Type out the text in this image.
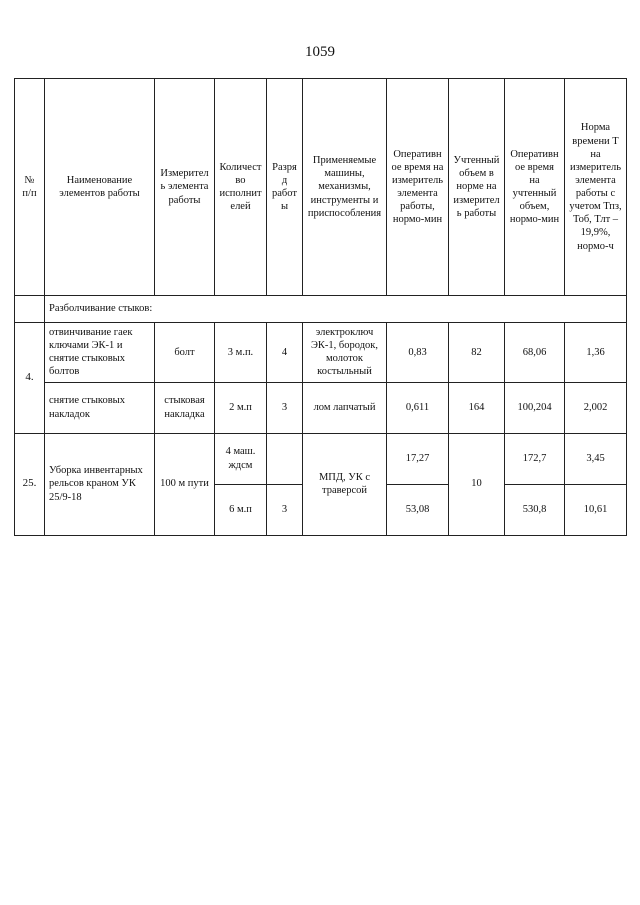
1059
№ п/п	Наименование элементов работы	Измеритель элемента работы	Количество исполнителей	Разряд работы	Применяемые машины, механизмы, инструменты и приспособления	Оперативное время на измеритель элемента работы, нормо-мин	Учтенный объем в норме на измеритель работы	Оперативное время на учтенный объем, нормо-мин	Норма времени Т на измеритель элемента работы с учетом Тпз, Тоб, Тлт – 19,9%, нормо-ч
	Разболчивание стыков:								
4.	отвинчивание гаек ключами ЭК-1 и снятие стыковых болтов	болт	3 м.п.	4	электроключ ЭК-1, бородок, молоток костыльный	0,83	82	68,06	1,36
	снятие стыковых накладок	стыковая накладка	2 м.п	3	лом лапчатый	0,611	164	100,204	2,002
25.	Уборка инвентарных рельсов краном УК 25/9-18	100 м пути	4 маш. ждсм		МПД, УК с траверсой	17,27	10	172,7	3,45
			6 м.п	3		53,08		530,8	10,61
